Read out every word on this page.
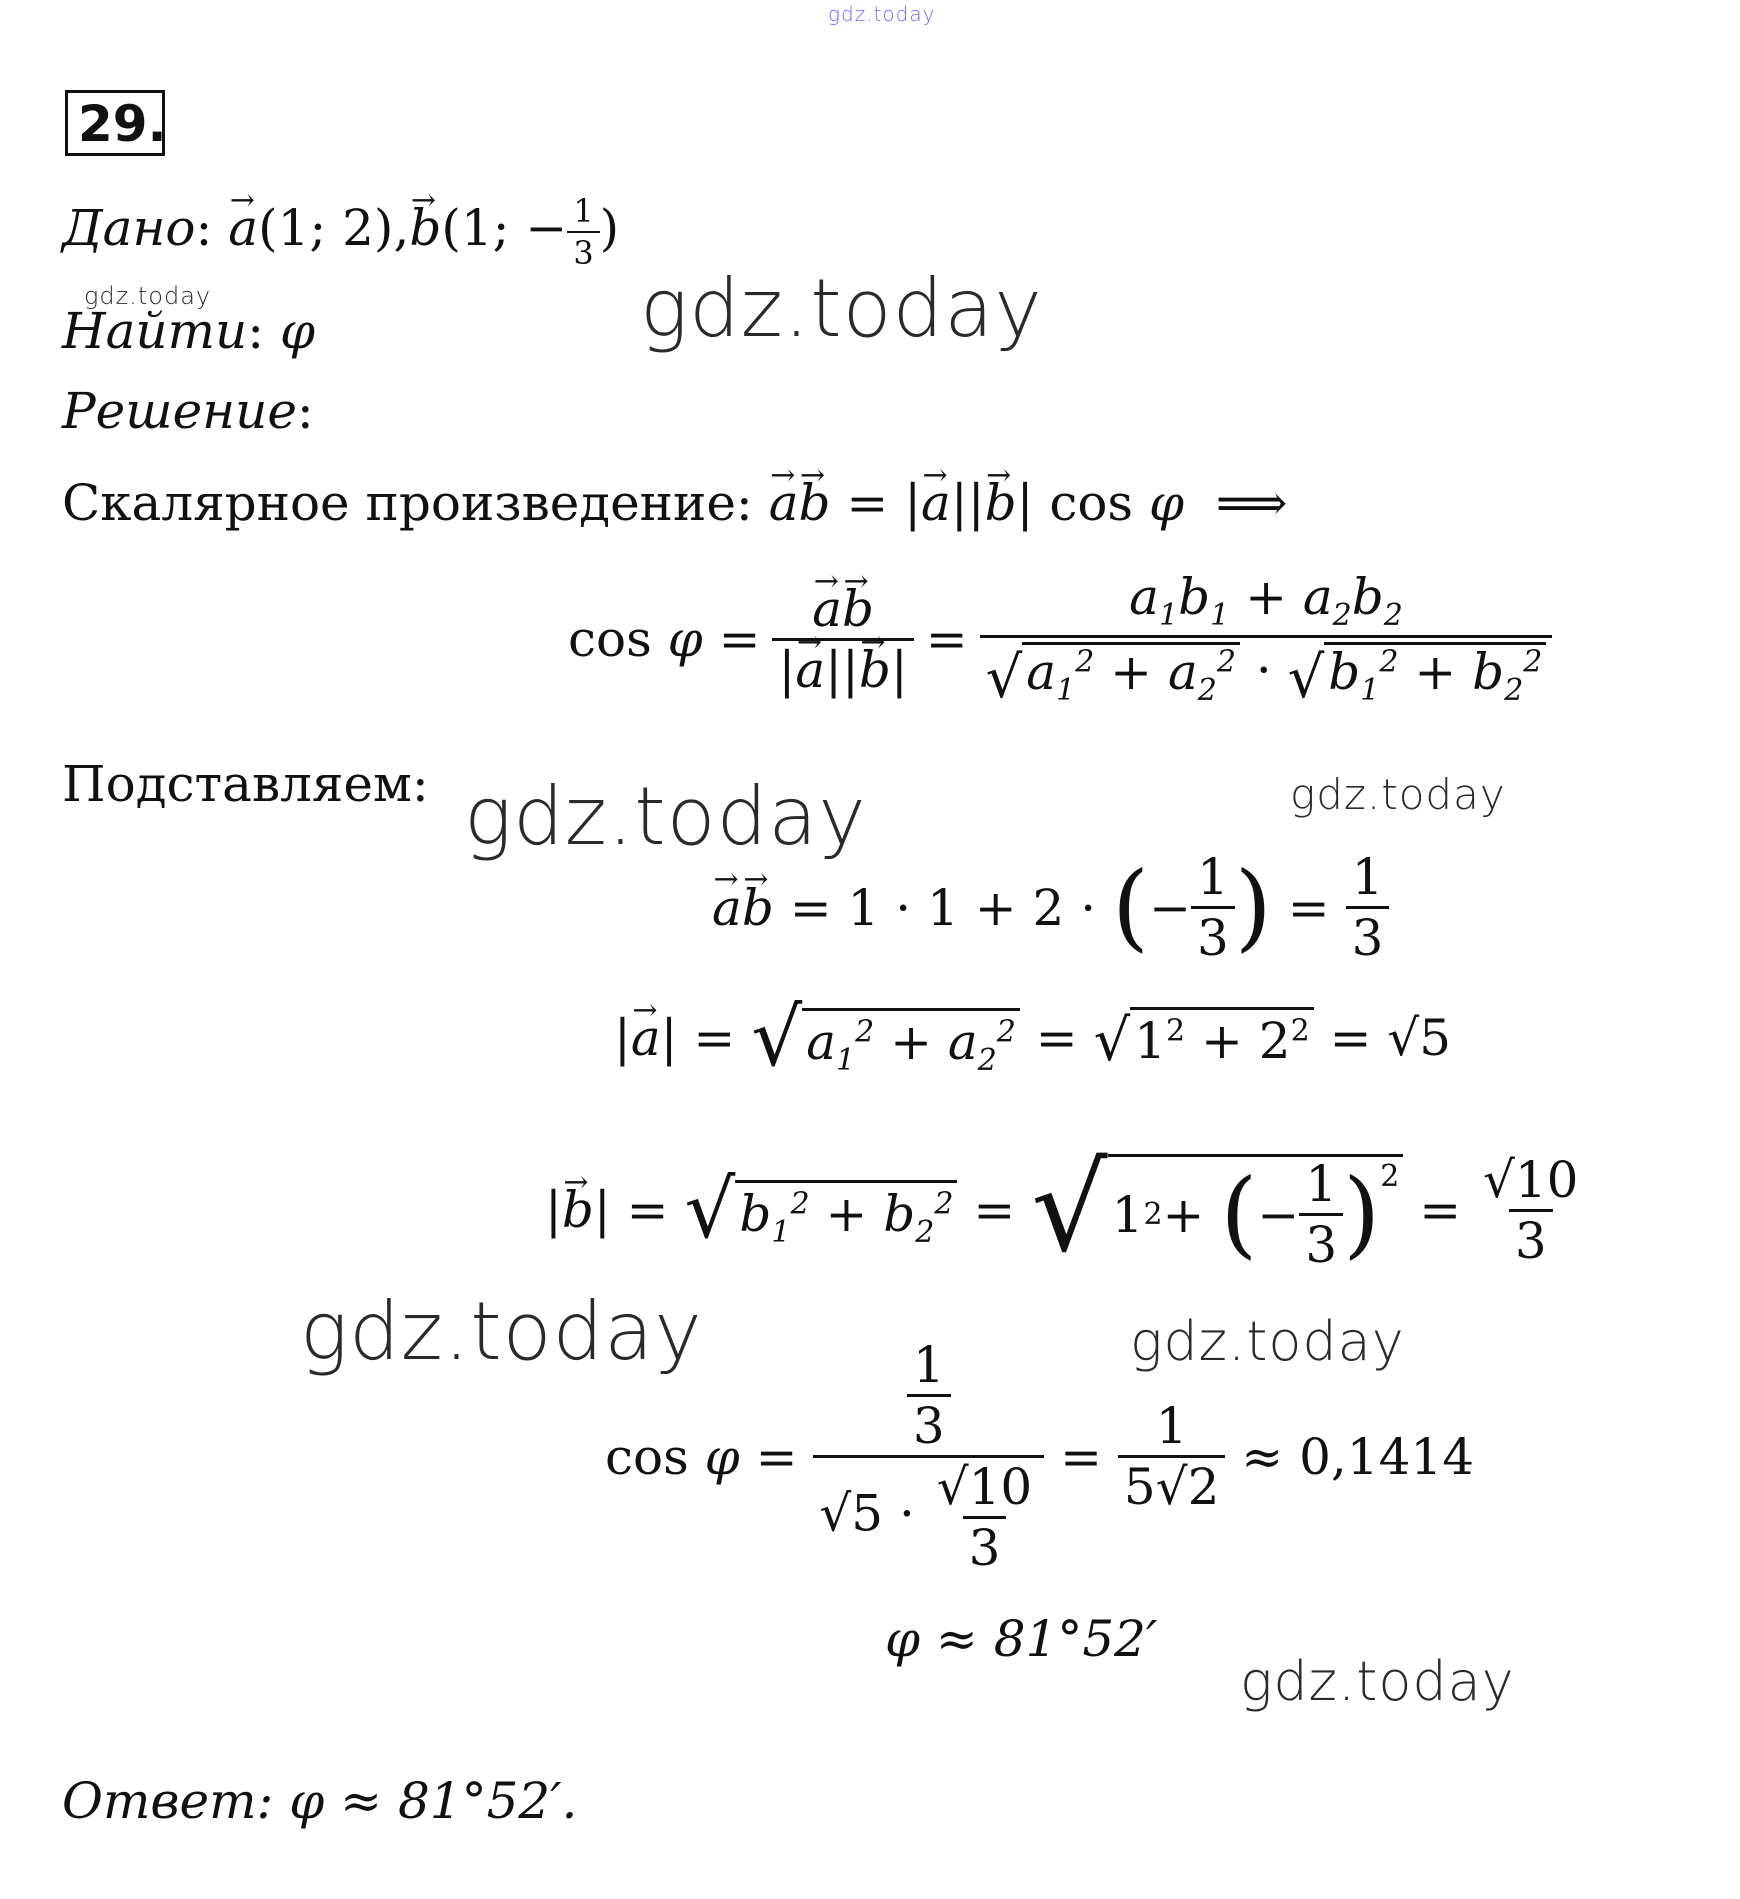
gdz.today
29.
Дано: → a(1; 2),→ b(1; − $\frac{1}{3}$ )
gdz.today	gdz.today
Найти: φ
Решение:
Скалярное произведение: → a→ b = |→ a||→ b| cos φ  ⟹
cos φ = → $\frac{a\to b}{|\to a||\to b|} = \frac{a_1b_1 + a_2b_2}{√ a_1^2 + a_2^2 \cdot √ b_1^2 + b_2^2}$
Подставляем: gdz.today	gdz.today
→ a → b = 1 · 1 + 2 · ( − $\frac{1}{3}$ ) = $\frac{1}{3}$
|→ a| = √ $a_1^2 + a_2^2$ = √ $1^2 + 2^2 = √5$
|→ b| = √ $b_1^2 + b_2^2$ = √ 1 2 + ( − $\frac{1}{3} )^2$
= $\frac{√10}{3}$
gdz.today	gdz.today
$\cos \varphi = \frac{\frac{1}{3}}{√5 \cdot \frac{√10}{3}} = \frac{1}{5√2}$
≈ 0,1414
φ ≈ 81°52′
gdz.today
Ответ: φ ≈ 81°52′.
